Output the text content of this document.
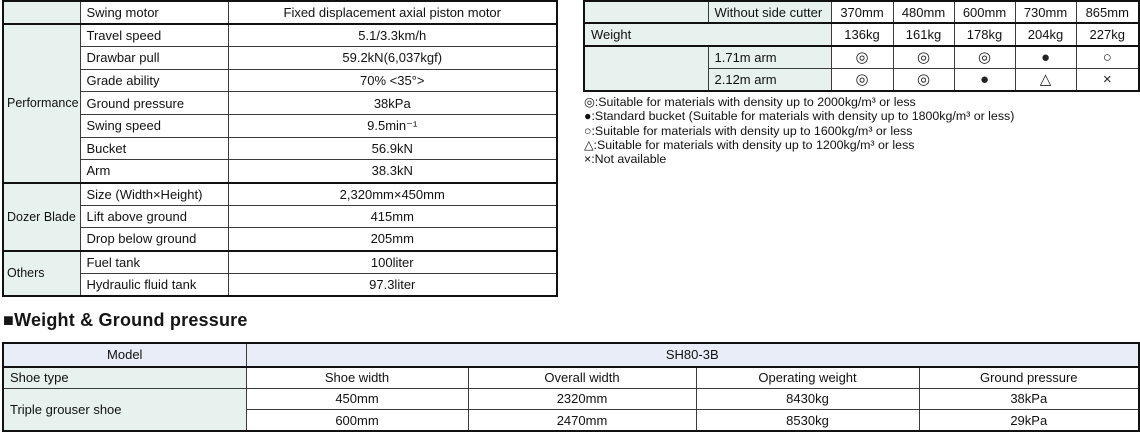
	Swing motor	Fixed displacement axial piston motor
Performance	Travel speed	5.1/3.3km/h
	Drawbar pull	59.2kN(6,037kgf)
	Grade ability	70% <35°>
	Ground pressure	38kPa
	Swing speed	9.5min⁻¹
	Bucket	56.9kN
	Arm	38.3kN
Dozer Blade	Size (Width×Height)	2,320mm×450mm
	Lift above ground	415mm
	Drop below ground	205mm
Others	Fuel tank	100liter
	Hydraulic fluid tank	97.3liter
	Without side cutter	370mm	480mm	600mm	730mm	865mm
Weight		136kg	161kg	178kg	204kg	227kg
	1.71m arm	◎	◎	◎	●	○
	2.12m arm	◎	◎	●	△	×
◎:Suitable for materials with density up to 2000kg/m³ or less
●:Standard bucket (Suitable for materials with density up to 1800kg/m³ or less)
○:Suitable for materials with density up to 1600kg/m³ or less
△:Suitable for materials with density up to 1200kg/m³ or less
×:Not available
■Weight & Ground pressure
Model	SH80-3B			
Shoe type	Shoe width	Overall width	Operating weight	Ground pressure
Triple grouser shoe	450mm	2320mm	8430kg	38kPa
	600mm	2470mm	8530kg	29kPa
